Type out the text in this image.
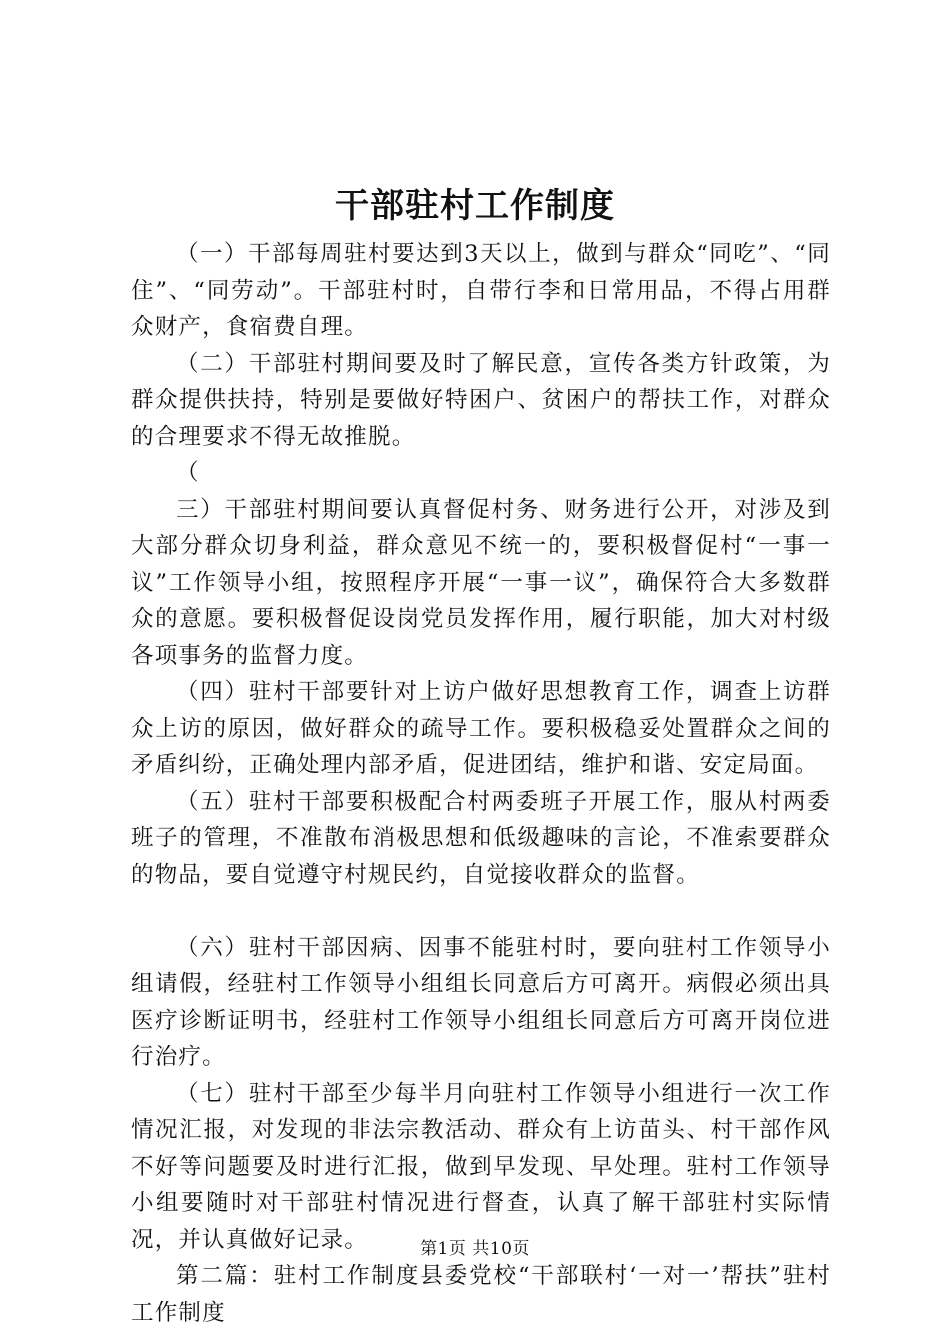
干部驻村工作制度

（一）干部每周驻村要达到3天以上，做到与群众“同吃”、“同住”、“同劳动”。干部驻村时，自带行李和日常用品，不得占用群众财产，食宿费自理。

（二）干部驻村期间要及时了解民意，宣传各类方针政策，为群众提供扶持，特别是要做好特困户、贫困户的帮扶工作，对群众的合理要求不得无故推脱。

（

三）干部驻村期间要认真督促村务、财务进行公开，对涉及到大部分群众切身利益，群众意见不统一的，要积极督促村“一事一议”工作领导小组，按照程序开展“一事一议”，确保符合大多数群众的意愿。要积极督促设岗党员发挥作用，履行职能，加大对村级各项事务的监督力度。

（四）驻村干部要针对上访户做好思想教育工作，调查上访群众上访的原因，做好群众的疏导工作。要积极稳妥处置群众之间的矛盾纠纷，正确处理内部矛盾，促进团结，维护和谐、安定局面。

（五）驻村干部要积极配合村两委班子开展工作，服从村两委班子的管理，不准散布消极思想和低级趣味的言论，不准索要群众的物品，要自觉遵守村规民约，自觉接收群众的监督。

（六）驻村干部因病、因事不能驻村时，要向驻村工作领导小组请假，经驻村工作领导小组组长同意后方可离开。病假必须出具医疗诊断证明书，经驻村工作领导小组组长同意后方可离开岗位进行治疗。

（七）驻村干部至少每半月向驻村工作领导小组进行一次工作情况汇报，对发现的非法宗教活动、群众有上访苗头、村干部作风不好等问题要及时进行汇报，做到早发现、早处理。驻村工作领导小组要随时对干部驻村情况进行督查，认真了解干部驻村实际情况，并认真做好记录。

第二篇：驻村工作制度县委党校“干部联村‘一对一’帮扶”驻村工作制度

第1页 共10页
